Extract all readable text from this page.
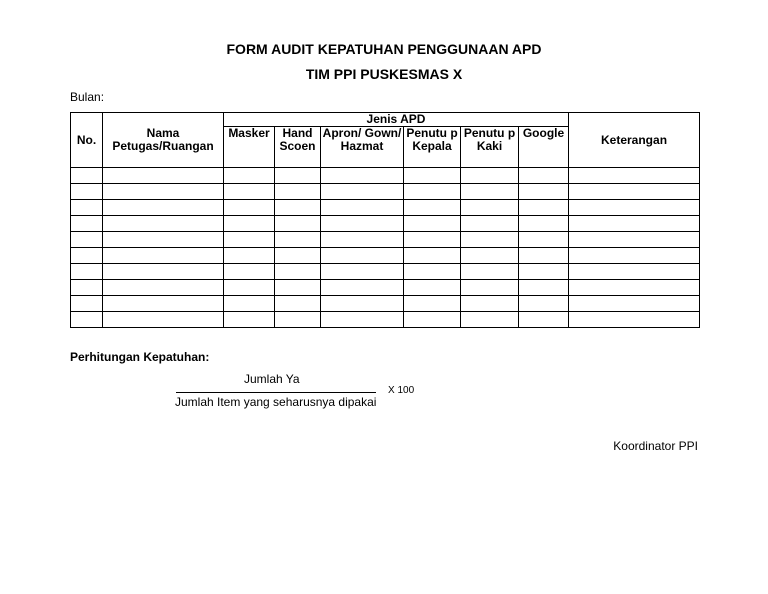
FORM AUDIT KEPATUHAN PENGGUNAAN APD
TIM PPI PUSKESMAS X
Bulan:
No.	Nama Petugas/Ruangan	Jenis APD						Keterangan
		Masker	Hand Scoen	Apron/ Gown/ Hazmat	Penutu p Kepala	Penutu p Kaki	Google	

Perhitungan Kepatuhan:
Jumlah Ya
X 100
Jumlah Item yang seharusnya dipakai
Koordinator PPI
